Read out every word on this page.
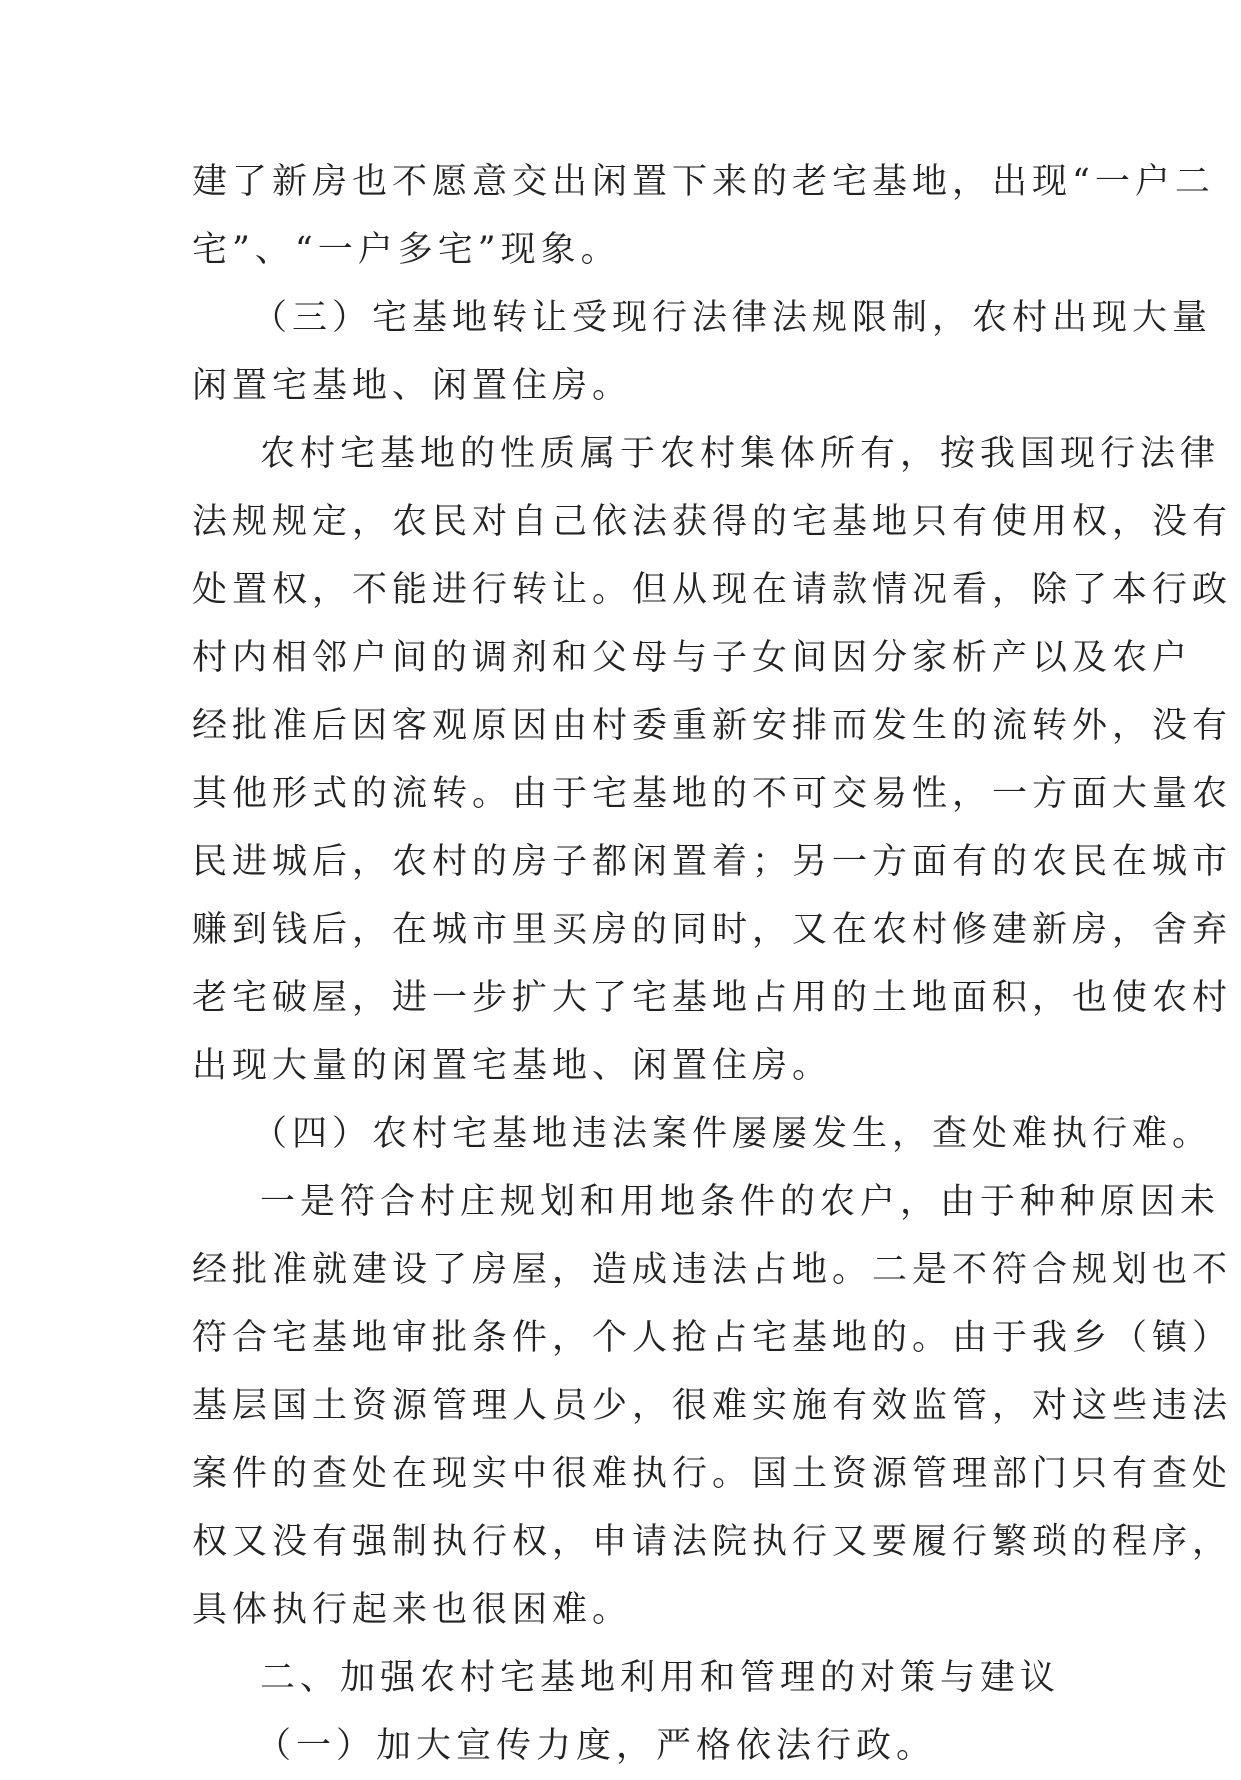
建了新房也不愿意交出闲置下来的老宅基地，出现“一户二
宅”、“一户多宅”现象。
（三）宅基地转让受现行法律法规限制，农村出现大量
闲置宅基地、闲置住房。
农村宅基地的性质属于农村集体所有，按我国现行法律
法规规定，农民对自己依法获得的宅基地只有使用权，没有
处置权，不能进行转让。但从现在请款情况看，除了本行政
村内相邻户间的调剂和父母与子女间因分家析产以及农户
经批准后因客观原因由村委重新安排而发生的流转外，没有
其他形式的流转。由于宅基地的不可交易性，一方面大量农
民进城后，农村的房子都闲置着；另一方面有的农民在城市
赚到钱后，在城市里买房的同时，又在农村修建新房，舍弃
老宅破屋，进一步扩大了宅基地占用的土地面积，也使农村
出现大量的闲置宅基地、闲置住房。
（四）农村宅基地违法案件屡屡发生，查处难执行难。
一是符合村庄规划和用地条件的农户，由于种种原因未
经批准就建设了房屋，造成违法占地。二是不符合规划也不
符合宅基地审批条件，个人抢占宅基地的。由于我乡（镇）
基层国土资源管理人员少，很难实施有效监管，对这些违法
案件的查处在现实中很难执行。国土资源管理部门只有查处
权又没有强制执行权，申请法院执行又要履行繁琐的程序，
具体执行起来也很困难。
二、加强农村宅基地利用和管理的对策与建议
（一）加大宣传力度，严格依法行政。
